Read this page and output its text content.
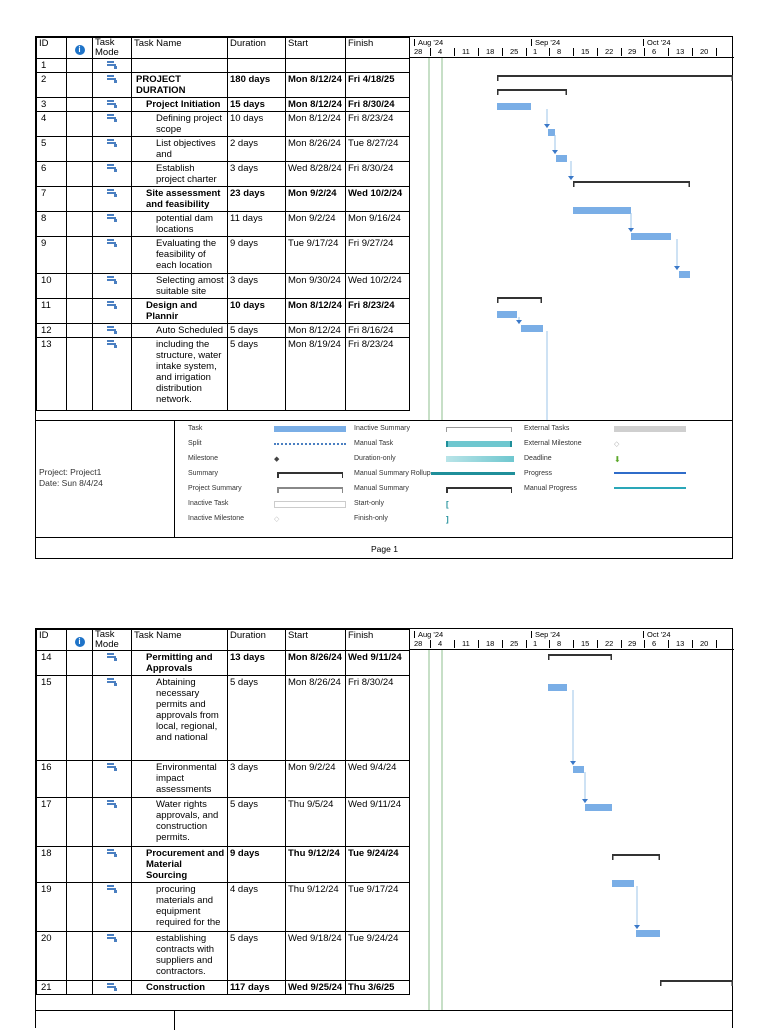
ID	i	Task Mode	Task Name	Duration	Start	Finish
1						
2			PROJECT DURATION	180 days	Mon 8/12/24	Fri 4/18/25
3			Project Initiation	15 days	Mon 8/12/24	Fri 8/30/24
4			Defining project scope	10 days	Mon 8/12/24	Fri 8/23/24
5			List objectives and	2 days	Mon 8/26/24	Tue 8/27/24
6			Establish project charter	3 days	Wed 8/28/24	Fri 8/30/24
7			Site assessment and feasibility	23 days	Mon 9/2/24	Wed 10/2/24
8			potential dam locations	11 days	Mon 9/2/24	Mon 9/16/24
9			Evaluating the feasibility of each location	9 days	Tue 9/17/24	Fri 9/27/24
10			Selecting amost suitable site	3 days	Mon 9/30/24	Wed 10/2/24
11			Design and Plannir	10 days	Mon 8/12/24	Fri 8/23/24
12			Auto Scheduled	5 days	Mon 8/12/24	Fri 8/16/24
13			including the structure, water intake system, and irrigation distribution network.	5 days	Mon 8/19/24	Fri 8/23/24
Aug '24	Sep '24	Oct '24
28 4	11 18 25 1	8	15 22 29 6	13 20
Project: Project1
Date: Sun 8/4/24
Task
Split
Milestone
Summary
Project Summary
Inactive Task
Inactive Milestone
Inactive Summary
Manual Task
Duration-only
Manual Summary Rollup
Manual Summary
Start-only
Finish-only
External Tasks
External Milestone
Deadline
Progress
Manual Progress
◆
◇
[
]
◇
⬇
Page 1
ID	i	Task Mode	Task Name	Duration	Start	Finish
14			Permitting and Approvals	13 days	Mon 8/26/24	Wed 9/11/24
15			Abtaining necessary permits and approvals from local, regional, and national	5 days	Mon 8/26/24	Fri 8/30/24
16			Environmental impact assessments	3 days	Mon 9/2/24	Wed 9/4/24
17			Water rights approvals, and construction permits.	5 days	Thu 9/5/24	Wed 9/11/24
18			Procurement and Material Sourcing	9 days	Thu 9/12/24	Tue 9/24/24
19			procuring materials and equipment required for the	4 days	Thu 9/12/24	Tue 9/17/24
20			establishing contracts with suppliers and contractors.	5 days	Wed 9/18/24	Tue 9/24/24
21			Construction	117 days	Wed 9/25/24	Thu 3/6/25
Aug '24	Sep '24	Oct '24
28 4	11 18 25 1	8	15 22 29 6	13 20
